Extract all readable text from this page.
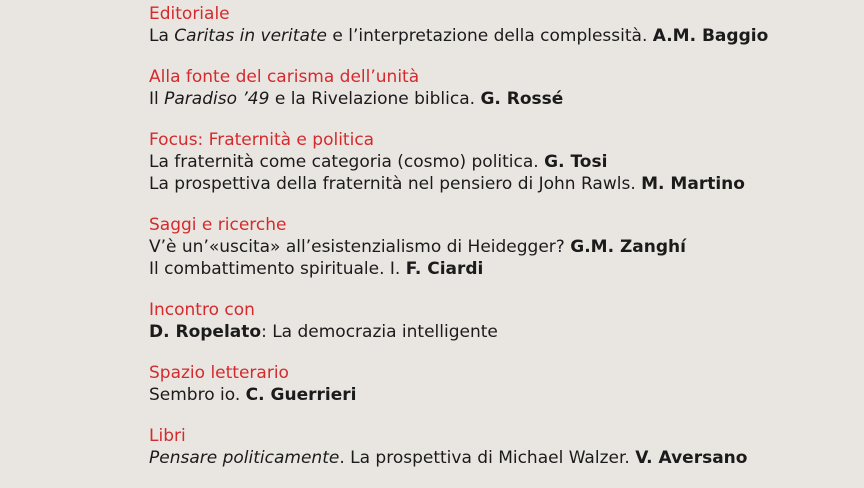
Editoriale
La Caritas in veritate e l’interpretazione della complessità. A.M. Baggio
Alla fonte del carisma dell’unità
Il Paradiso ’49 e la Rivelazione biblica. G. Rossé
Focus: Fraternità e politica
La fraternità come categoria (cosmo) politica. G. Tosi
La prospettiva della fraternità nel pensiero di John Rawls. M. Martino
Saggi e ricerche
V’è un’«uscita» all’esistenzialismo di Heidegger? G.M. Zanghí
Il combattimento spirituale. I. F. Ciardi
Incontro con
D. Ropelato: La democrazia intelligente
Spazio letterario
Sembro io. C. Guerrieri
Libri
Pensare politicamente. La prospettiva di Michael Walzer. V. Aversano
